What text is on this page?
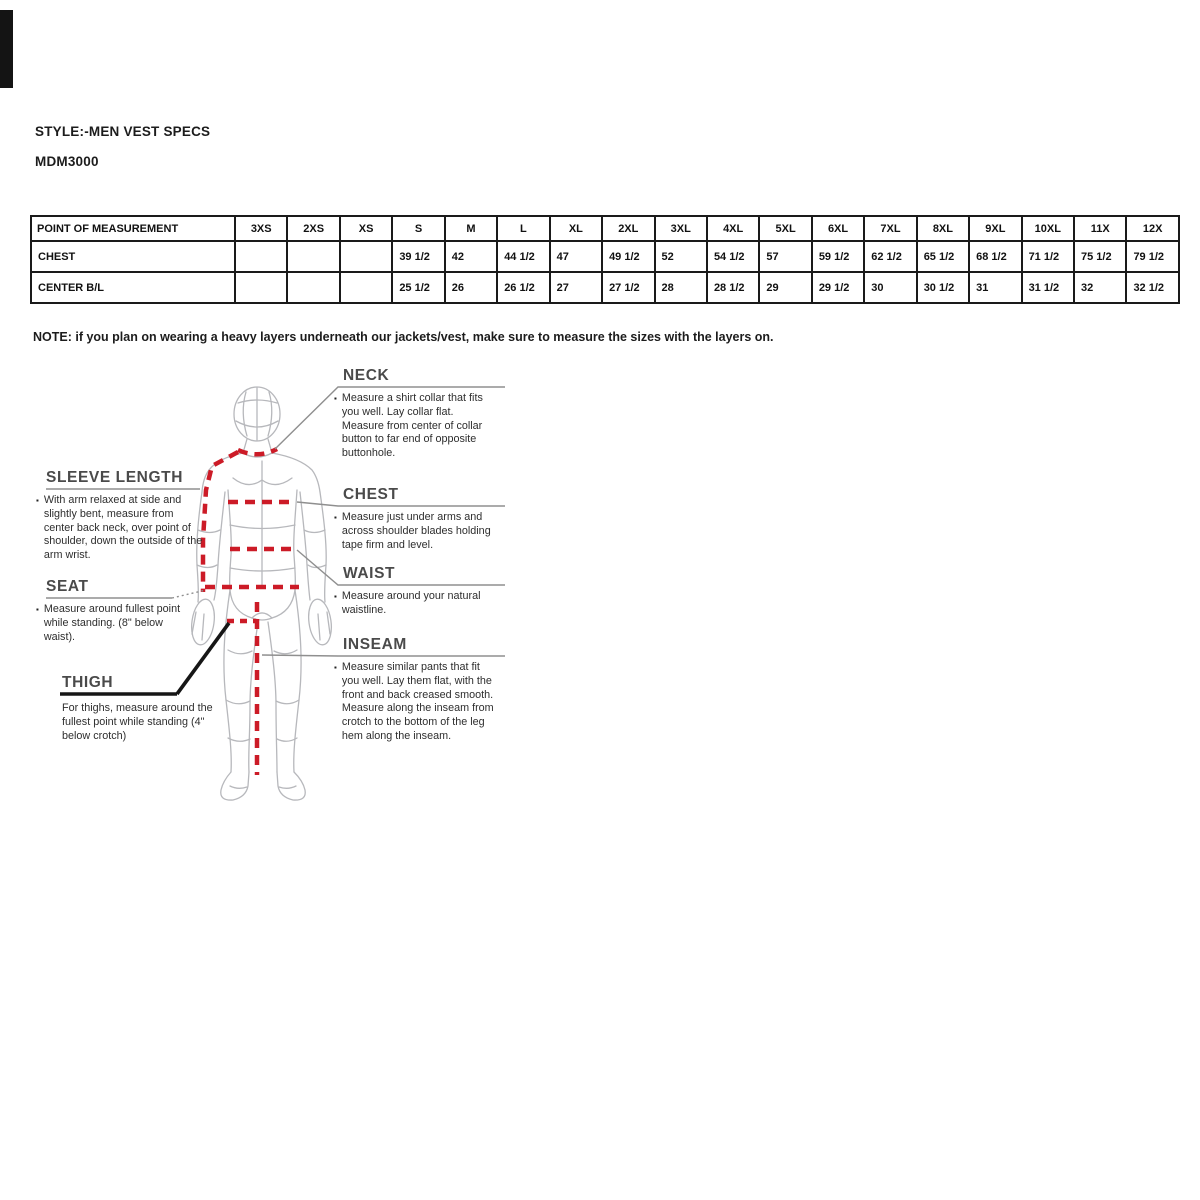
STYLE:-MEN VEST SPECS
MDM3000
POINT OF MEASUREMENT	3XS	2XS	XS	S	M	L	XL	2XL	3XL	4XL	5XL	6XL	7XL	8XL	9XL	10XL	11X	12X
CHEST				39 1/2	42	44 1/2	47	49 1/2	52	54 1/2	57	59 1/2	62 1/2	65 1/2	68 1/2	71 1/2	75 1/2	79 1/2
CENTER B/L				25 1/2	26	26 1/2	27	27 1/2	28	28 1/2	29	29 1/2	30	30 1/2	31	31 1/2	32	32 1/2
NOTE: if you plan on wearing a heavy layers underneath our jackets/vest, make sure to measure the sizes with the layers on.
NECK
▪ Measure a shirt collar that fits you well. Lay collar flat. Measure from center of collar button to far end of opposite buttonhole.
SLEEVE LENGTH
▪ With arm relaxed at side and slightly bent, measure from center back neck, over point of shoulder, down the outside of the arm wrist.
CHEST
▪ Measure just under arms and across shoulder blades holding tape firm and level.
SEAT
▪ Measure around fullest point while standing. (8" below waist).
WAIST
▪ Measure around your natural waistline.
THIGH
For thighs, measure around the fullest point while standing (4" below crotch)
INSEAM
▪ Measure similar pants that fit you well. Lay them flat, with the front and back creased smooth. Measure along the inseam from crotch to the bottom of the leg hem along the inseam.
